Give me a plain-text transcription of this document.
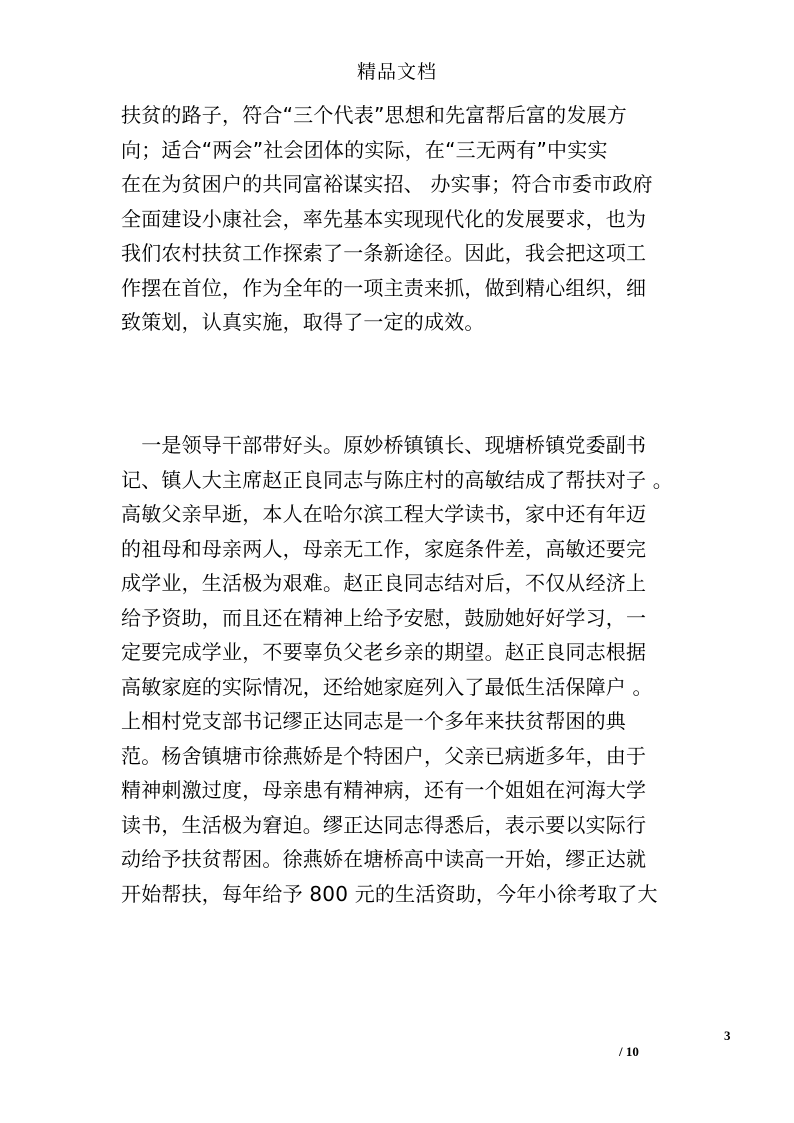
精品文档
扶贫的路子，符合“三个代表”思想和先富帮后富的发展方
向；适合“两会”社会团体的实际，在“三无两有”中实实
在在为贫困户的共同富裕谋实招、 办实事；符合市委市政府
全面建设小康社会，率先基本实现现代化的发展要求，也为
我们农村扶贫工作探索了一条新途径。因此，我会把这项工
作摆在首位，作为全年的一项主责来抓，做到精心组织，细
致策划，认真实施，取得了一定的成效。
　一是领导干部带好头。原妙桥镇镇长、现塘桥镇党委副书
记、镇人大主席赵正良同志与陈庄村的高敏结成了帮扶对子 。
高敏父亲早逝，本人在哈尔滨工程大学读书，家中还有年迈
的祖母和母亲两人，母亲无工作，家庭条件差，高敏还要完
成学业，生活极为艰难。赵正良同志结对后，不仅从经济上
给予资助，而且还在精神上给予安慰，鼓励她好好学习，一
定要完成学业，不要辜负父老乡亲的期望。赵正良同志根据
高敏家庭的实际情况，还给她家庭列入了最低生活保障户 。
上相村党支部书记缪正达同志是一个多年来扶贫帮困的典
范。杨舍镇塘市徐燕娇是个特困户，父亲已病逝多年，由于
精神刺激过度，母亲患有精神病，还有一个姐姐在河海大学
读书，生活极为窘迫。缪正达同志得悉后，表示要以实际行
动给予扶贫帮困。徐燕娇在塘桥高中读高一开始，缪正达就
开始帮扶，每年给予 800 元的生活资助，今年小徐考取了大
3
/ 10
